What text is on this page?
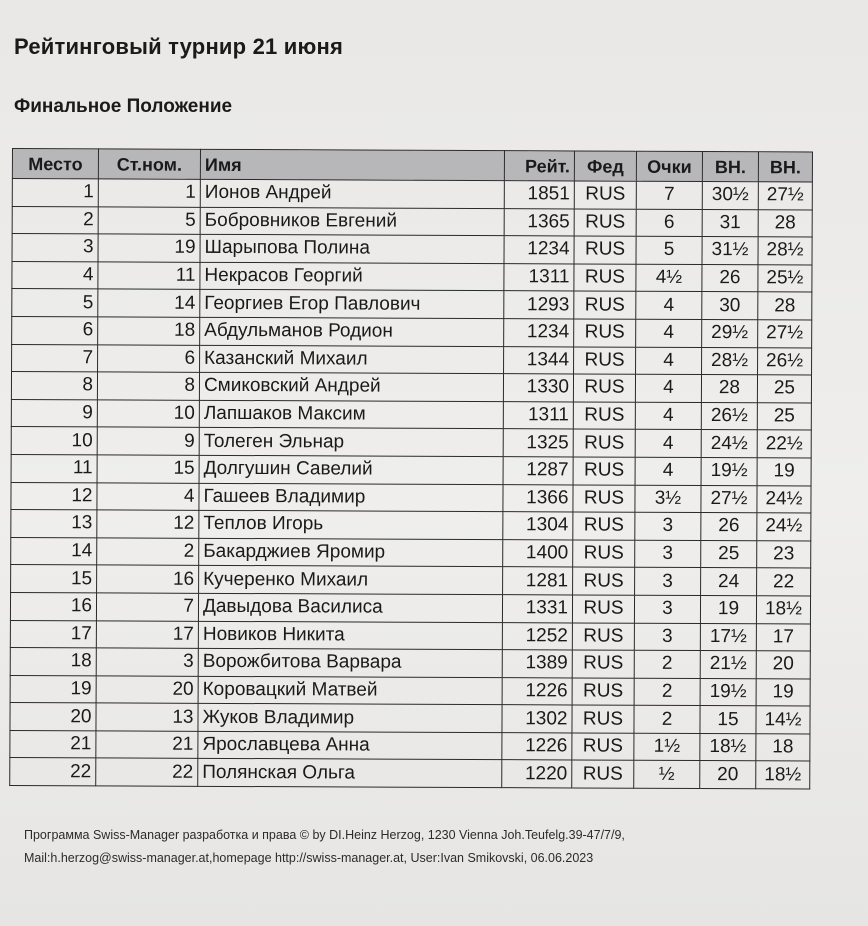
Рейтинговый турнир 21 июня
Финальное Положение
Место	Ст.ном.	Имя	Рейт.	Фед	Очки	ВН.	ВН.
1	1	Ионов Андрей	1851	RUS	7	30½	27½
2	5	Бобровников Евгений	1365	RUS	6	31	28
3	19	Шарыпова Полина	1234	RUS	5	31½	28½
4	11	Некрасов Георгий	1311	RUS	4½	26	25½
5	14	Георгиев Егор Павлович	1293	RUS	4	30	28
6	18	Абдульманов Родион	1234	RUS	4	29½	27½
7	6	Казанский Михаил	1344	RUS	4	28½	26½
8	8	Смиковский Андрей	1330	RUS	4	28	25
9	10	Лапшаков Максим	1311	RUS	4	26½	25
10	9	Толеген Эльнар	1325	RUS	4	24½	22½
11	15	Долгушин Савелий	1287	RUS	4	19½	19
12	4	Гашеев Владимир	1366	RUS	3½	27½	24½
13	12	Теплов Игорь	1304	RUS	3	26	24½
14	2	Бакарджиев Яромир	1400	RUS	3	25	23
15	16	Кучеренко Михаил	1281	RUS	3	24	22
16	7	Давыдова Василиса	1331	RUS	3	19	18½
17	17	Новиков Никита	1252	RUS	3	17½	17
18	3	Ворожбитова Варвара	1389	RUS	2	21½	20
19	20	Коровацкий Матвей	1226	RUS	2	19½	19
20	13	Жуков Владимир	1302	RUS	2	15	14½
21	21	Ярославцева Анна	1226	RUS	1½	18½	18
22	22	Полянская Ольга	1220	RUS	½	20	18½
Программа Swiss-Manager разработка и права © by DI.Heinz Herzog, 1230 Vienna Joh.Teufelg.39-47/7/9,
Mail:h.herzog@swiss-manager.at,homepage http://swiss-manager.at, User:Ivan Smikovski, 06.06.2023
